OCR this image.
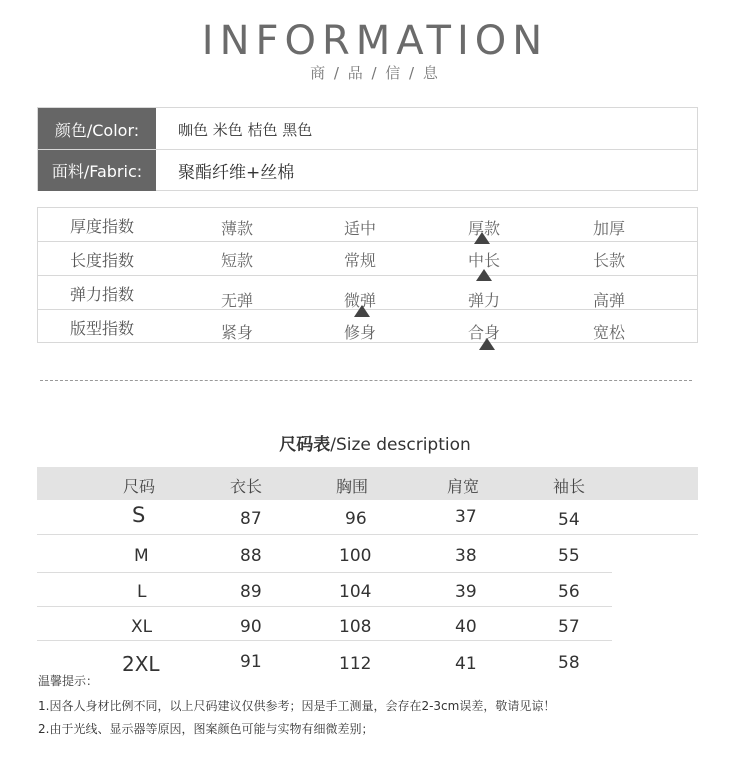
INFORMATION
商 / 品 / 信 / 息
颜色/Color:	咖色 米色 桔色 黑色
面料/Fabric:	聚酯纤维+丝棉
厚度指数	薄款	适中	厚款	加厚
长度指数	短款	常规	中长	长款
弹力指数	无弹	微弹	弹力	高弹
版型指数	紧身	修身	合身	宽松
尺码表/Size description
尺码	衣长	胸围	肩宽	袖长
S	87	96	37	54
M	88	100	38	55
L	89	104	39	56
XL	90	108	40	57
2XL	91	112	41	58
温馨提示：
1.因各人身材比例不同，以上尺码建议仅供参考；因是手工测量，会存在2-3cm误差，敬请见谅！
2.由于光线、显示器等原因，图案颜色可能与实物有细微差别；
